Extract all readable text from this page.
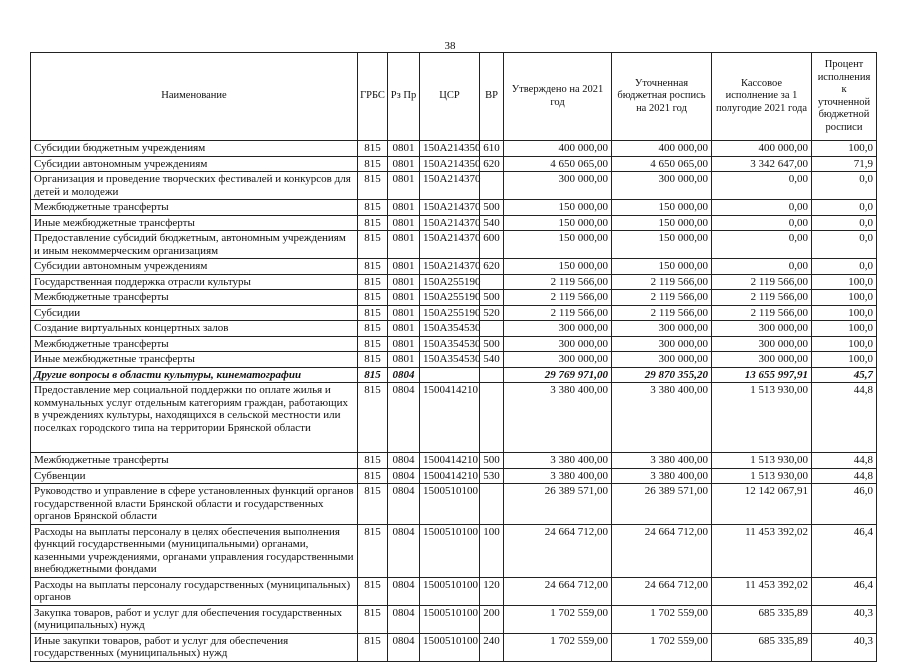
38
Наименование	ГРБС	Рз Пр	ЦСР	ВР	Утверждено на 2021 год	Уточненная бюджетная роспись на 2021 год	Кассовое исполнение за 1 полугодие 2021 года	Процент исполнения к уточненной бюджетной росписи
Субсидии бюджетным учреждениям	815	0801	150А214350	610	400 000,00	400 000,00	400 000,00	100,0
Субсидии автономным учреждениям	815	0801	150А214350	620	4 650 065,00	4 650 065,00	3 342 647,00	71,9
Организация и проведение творческих фестивалей и конкурсов для детей и молодежи	815	0801	150А214370		300 000,00	300 000,00	0,00	0,0
Межбюджетные трансферты	815	0801	150А214370	500	150 000,00	150 000,00	0,00	0,0
Иные межбюджетные трансферты	815	0801	150А214370	540	150 000,00	150 000,00	0,00	0,0
Предоставление субсидий бюджетным, автономным учреждениям и иным некоммерческим организациям	815	0801	150А214370	600	150 000,00	150 000,00	0,00	0,0
Субсидии автономным учреждениям	815	0801	150А214370	620	150 000,00	150 000,00	0,00	0,0
Государственная поддержка отрасли культуры	815	0801	150А255190		2 119 566,00	2 119 566,00	2 119 566,00	100,0
Межбюджетные трансферты	815	0801	150А255190	500	2 119 566,00	2 119 566,00	2 119 566,00	100,0
Субсидии	815	0801	150А255190	520	2 119 566,00	2 119 566,00	2 119 566,00	100,0
Создание виртуальных концертных залов	815	0801	150А354530		300 000,00	300 000,00	300 000,00	100,0
Межбюджетные трансферты	815	0801	150А354530	500	300 000,00	300 000,00	300 000,00	100,0
Иные межбюджетные трансферты	815	0801	150А354530	540	300 000,00	300 000,00	300 000,00	100,0
Другие вопросы в области культуры, кинематографии	815	0804			29 769 971,00	29 870 355,20	13 655 997,91	45,7
Предоставление мер социальной поддержки по оплате жилья и коммунальных услуг отдельным категориям граждан, работающих в учреждениях культуры, находящихся в сельской местности или поселках городского типа на территории Брянской области	815	0804	1500414210		3 380 400,00	3 380 400,00	1 513 930,00	44,8
Межбюджетные трансферты	815	0804	1500414210	500	3 380 400,00	3 380 400,00	1 513 930,00	44,8
Субвенции	815	0804	1500414210	530	3 380 400,00	3 380 400,00	1 513 930,00	44,8
Руководство и управление в сфере установленных функций органов государственной власти Брянской области и государственных органов Брянской области	815	0804	1500510100		26 389 571,00	26 389 571,00	12 142 067,91	46,0
Расходы на выплаты персоналу в целях обеспечения выполнения функций государственными (муниципальными) органами, казенными учреждениями, органами управления государственными внебюджетными фондами	815	0804	1500510100	100	24 664 712,00	24 664 712,00	11 453 392,02	46,4
Расходы на выплаты персоналу государственных (муниципальных) органов	815	0804	1500510100	120	24 664 712,00	24 664 712,00	11 453 392,02	46,4
Закупка товаров, работ и услуг для обеспечения государственных (муниципальных) нужд	815	0804	1500510100	200	1 702 559,00	1 702 559,00	685 335,89	40,3
Иные закупки товаров, работ и услуг для обеспечения государственных (муниципальных) нужд	815	0804	1500510100	240	1 702 559,00	1 702 559,00	685 335,89	40,3
